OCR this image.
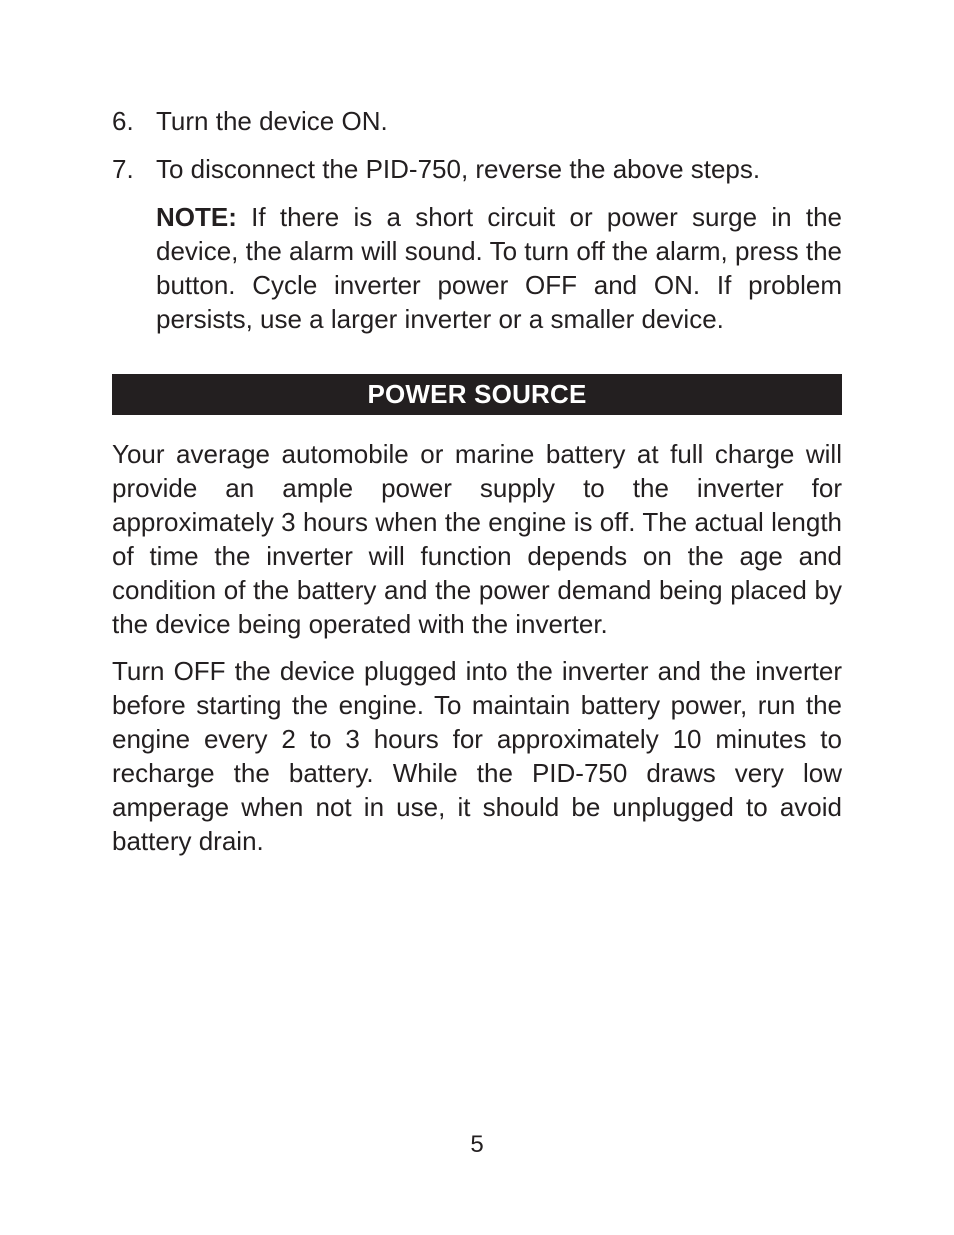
6. Turn the device ON.
7. To disconnect the PID-750, reverse the above steps.

NOTE: If there is a short circuit or power surge in the device, the alarm will sound. To turn off the alarm, press the button. Cycle inverter power OFF and ON. If problem persists, use a larger inverter or a smaller device.

POWER SOURCE

Your average automobile or marine battery at full charge will provide an ample power supply to the inverter for approximately 3 hours when the engine is off. The actual length of time the inverter will function depends on the age and condition of the battery and the power demand being placed by the device being operated with the inverter.

Turn OFF the device plugged into the inverter and the inverter before starting the engine. To maintain battery power, run the engine every 2 to 3 hours for approximately 10 minutes to recharge the battery. While the PID-750 draws very low amperage when not in use, it should be unplugged to avoid battery drain.

5
